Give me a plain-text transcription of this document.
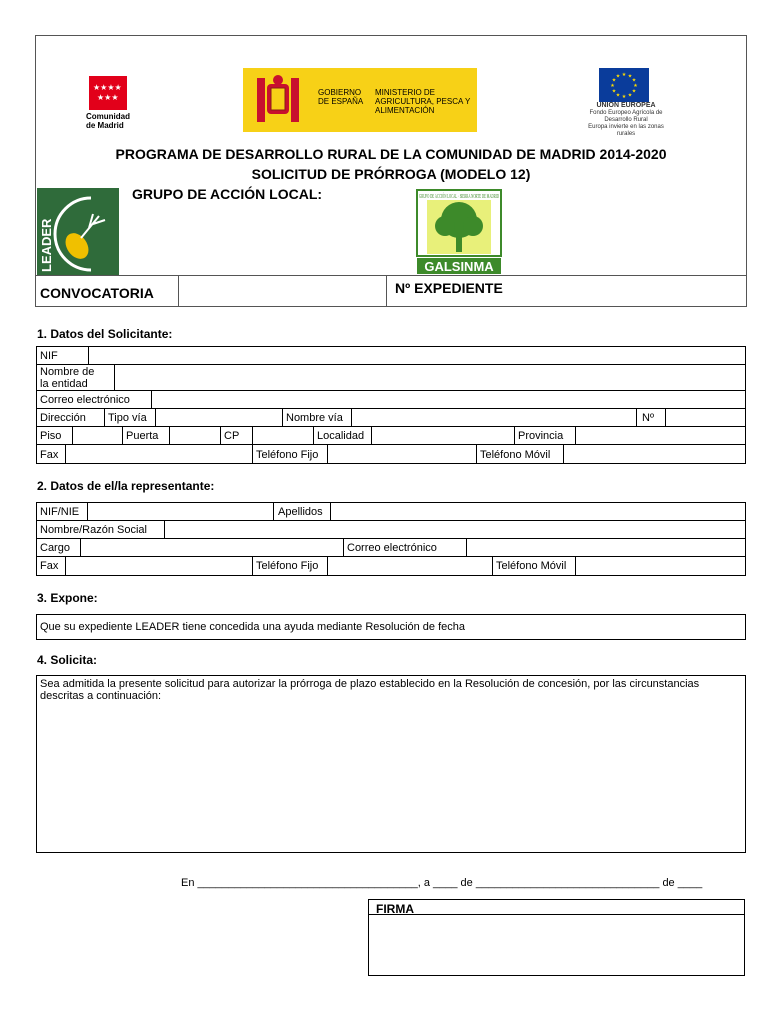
★★★★
★★★
Comunidad de Madrid
GOBIERNO DE ESPAÑA
MINISTERIO DE AGRICULTURA, PESCA Y ALIMENTACIÓN
★ ★
★
★
★
★
★
★
★
★
★
★
UNIÓN EUROPEA
Fondo Europeo Agrícola de Desarrollo Rural
Europa invierte en las zonas rurales
PROGRAMA DE DESARROLLO RURAL DE LA COMUNIDAD DE MADRID 2014-2020
SOLICITUD DE PRÓRROGA (MODELO 12)
GRUPO DE ACCIÓN LOCAL:
LEADER
GRUPO DE ACCIÓN LOCAL · SIERRA NORTE DE MADRID
GALSINMA
CONVOCATORIA	Nº EXPEDIENTE
1. Datos del Solicitante:
NIF
Nombre de
la entidad
Correo electrónico
Dirección Tipo vía	Nombre vía	Nº
Piso	Puerta	CP	Localidad	Provincia
Fax	Teléfono Fijo	Teléfono Móvil
2. Datos de el/la representante:
NIF/NIE	Apellidos
Nombre/Razón Social
Cargo	Correo electrónico
Fax	Teléfono Fijo	Teléfono Móvil
3. Expone:
Que su expediente LEADER tiene concedida una ayuda mediante Resolución de fecha
4. Solicita:
Sea admitida la presente solicitud para autorizar la prórroga de plazo establecido en la Resolución de concesión, por las circunstancias descritas a continuación:
En ____________________________________, a ____ de ______________________________ de ____
FIRMA
